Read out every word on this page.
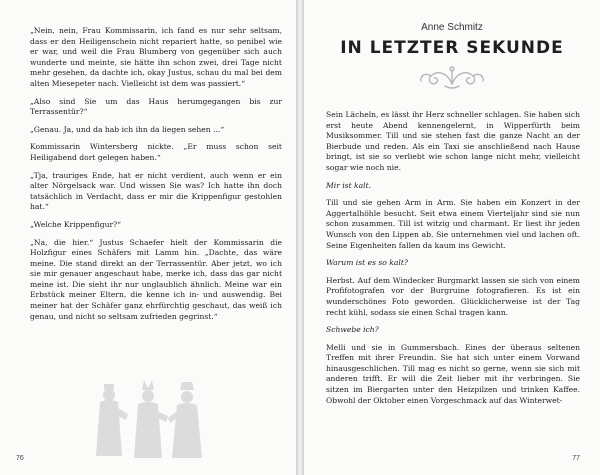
„Nein, nein, Frau Kommissarin, ich fand es nur sehr seltsam, dass er den Heiligenschein nicht repariert hatte, so penibel wie er war, und weil die Frau Blumberg von gegenüber sich auch wunderte und meinte, sie hätte ihn schon zwei, drei Tage nicht mehr gesehen, da dachte ich, okay Justus, schau du mal bei dem alten Miesepeter nach. Vielleicht ist dem was passiert.“

„Also sind Sie um das Haus herumgegangen bis zur Terrassentür?“

„Genau. Ja, und da hab ich ihn da liegen sehen ...“

Kommissarin Wintersberg nickte. „Er muss schon seit Heiligabend dort gelegen haben.“

„Tja, trauriges Ende, hat er nicht verdient, auch wenn er ein alter Nörgelsack war. Und wissen Sie was? Ich hatte ihn doch tatsächlich in Verdacht, dass er mir die Krippenfigur gestohlen hat.“

„Welche Krippenfigur?“

„Na, die hier.“ Justus Schaefer hielt der Kommissarin die Holzfigur eines Schäfers mit Lamm hin. „Dachte, das wäre meine. Die stand direkt an der Terrassentür. Aber jetzt, wo ich sie mir genauer angeschaut habe, merke ich, dass das gar nicht meine ist. Die sieht ihr nur unglaublich ähnlich. Meine war ein Erbstück meiner Eltern, die kenne ich in- und auswendig. Bei meiner hat der Schäfer ganz ehrfürchtig geschaut, das weiß ich genau, und nicht so seltsam zufrieden gegrinst.“

76
Anne Schmitz
IN LETZTER SEKUNDE

Sein Lächeln, es lässt ihr Herz schneller schlagen. Sie haben sich erst heute Abend kennengelernt, in Wipperfürth beim Musiksommer. Till und sie stehen fast die ganze Nacht an der Bierbude und reden. Als ein Taxi sie anschließend nach Hause bringt, ist sie so verliebt wie schon lange nicht mehr, vielleicht sogar wie noch nie.

Mir ist kalt.

Till und sie gehen Arm in Arm. Sie haben ein Konzert in der Aggertalhöhle besucht. Seit etwa einem Vierteljahr sind sie nun schon zusammen. Till ist witzig und charmant. Er liest ihr jeden Wunsch von den Lippen ab. Sie unternehmen viel und lachen oft. Seine Eigenheiten fallen da kaum ins Gewicht.

Warum ist es so kalt?

Herbst. Auf dem Windecker Burgmarkt lassen sie sich von einem Profifotografen vor der Burgruine fotografieren. Es ist ein wunderschönes Foto geworden. Glücklicherweise ist der Tag recht kühl, sodass sie einen Schal tragen kann.

Schwebe ich?

Melli und sie in Gummersbach. Eines der überaus seltenen Treffen mit ihrer Freundin. Sie hat sich unter einem Vorwand hinausgeschlichen. Till mag es nicht so gerne, wenn sie sich mit anderen trifft. Er will die Zeit lieber mit ihr verbringen. Sie sitzen im Biergarten unter den Heizpilzen und trinken Kaffee. Obwohl der Oktober einen Vorgeschmack auf das Winterwet-

77
